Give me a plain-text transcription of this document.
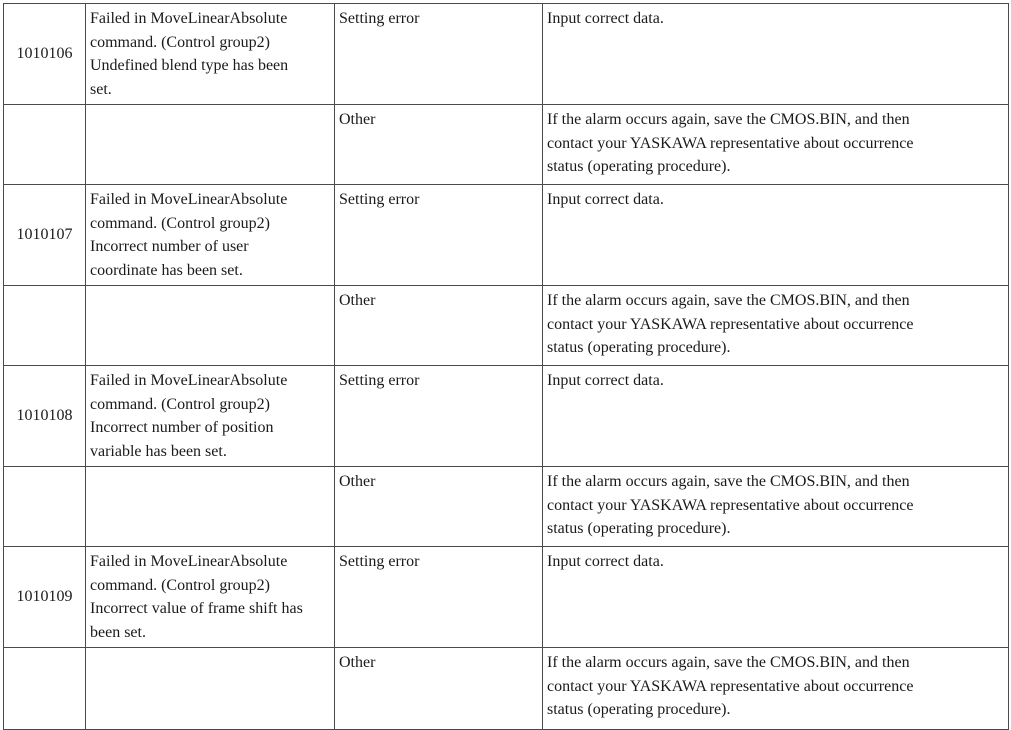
1010106	Failed in MoveLinearAbsolute
command. (Control group2)
Undefined blend type has been
set.	Setting error	Input correct data.
		Other	If the alarm occurs again, save the CMOS.BIN, and then
contact your YASKAWA representative about occurrence
status (operating procedure).

1010107	Failed in MoveLinearAbsolute
command. (Control group2)
Incorrect number of user
coordinate has been set.	Setting error	Input correct data.
		Other	If the alarm occurs again, save the CMOS.BIN, and then
contact your YASKAWA representative about occurrence
status (operating procedure).

1010108	Failed in MoveLinearAbsolute
command. (Control group2)
Incorrect number of position
variable has been set.	Setting error	Input correct data.
		Other	If the alarm occurs again, save the CMOS.BIN, and then
contact your YASKAWA representative about occurrence
status (operating procedure).

1010109	Failed in MoveLinearAbsolute
command. (Control group2)
Incorrect value of frame shift has
been set.	Setting error	Input correct data.
		Other	If the alarm occurs again, save the CMOS.BIN, and then
contact your YASKAWA representative about occurrence
status (operating procedure).
